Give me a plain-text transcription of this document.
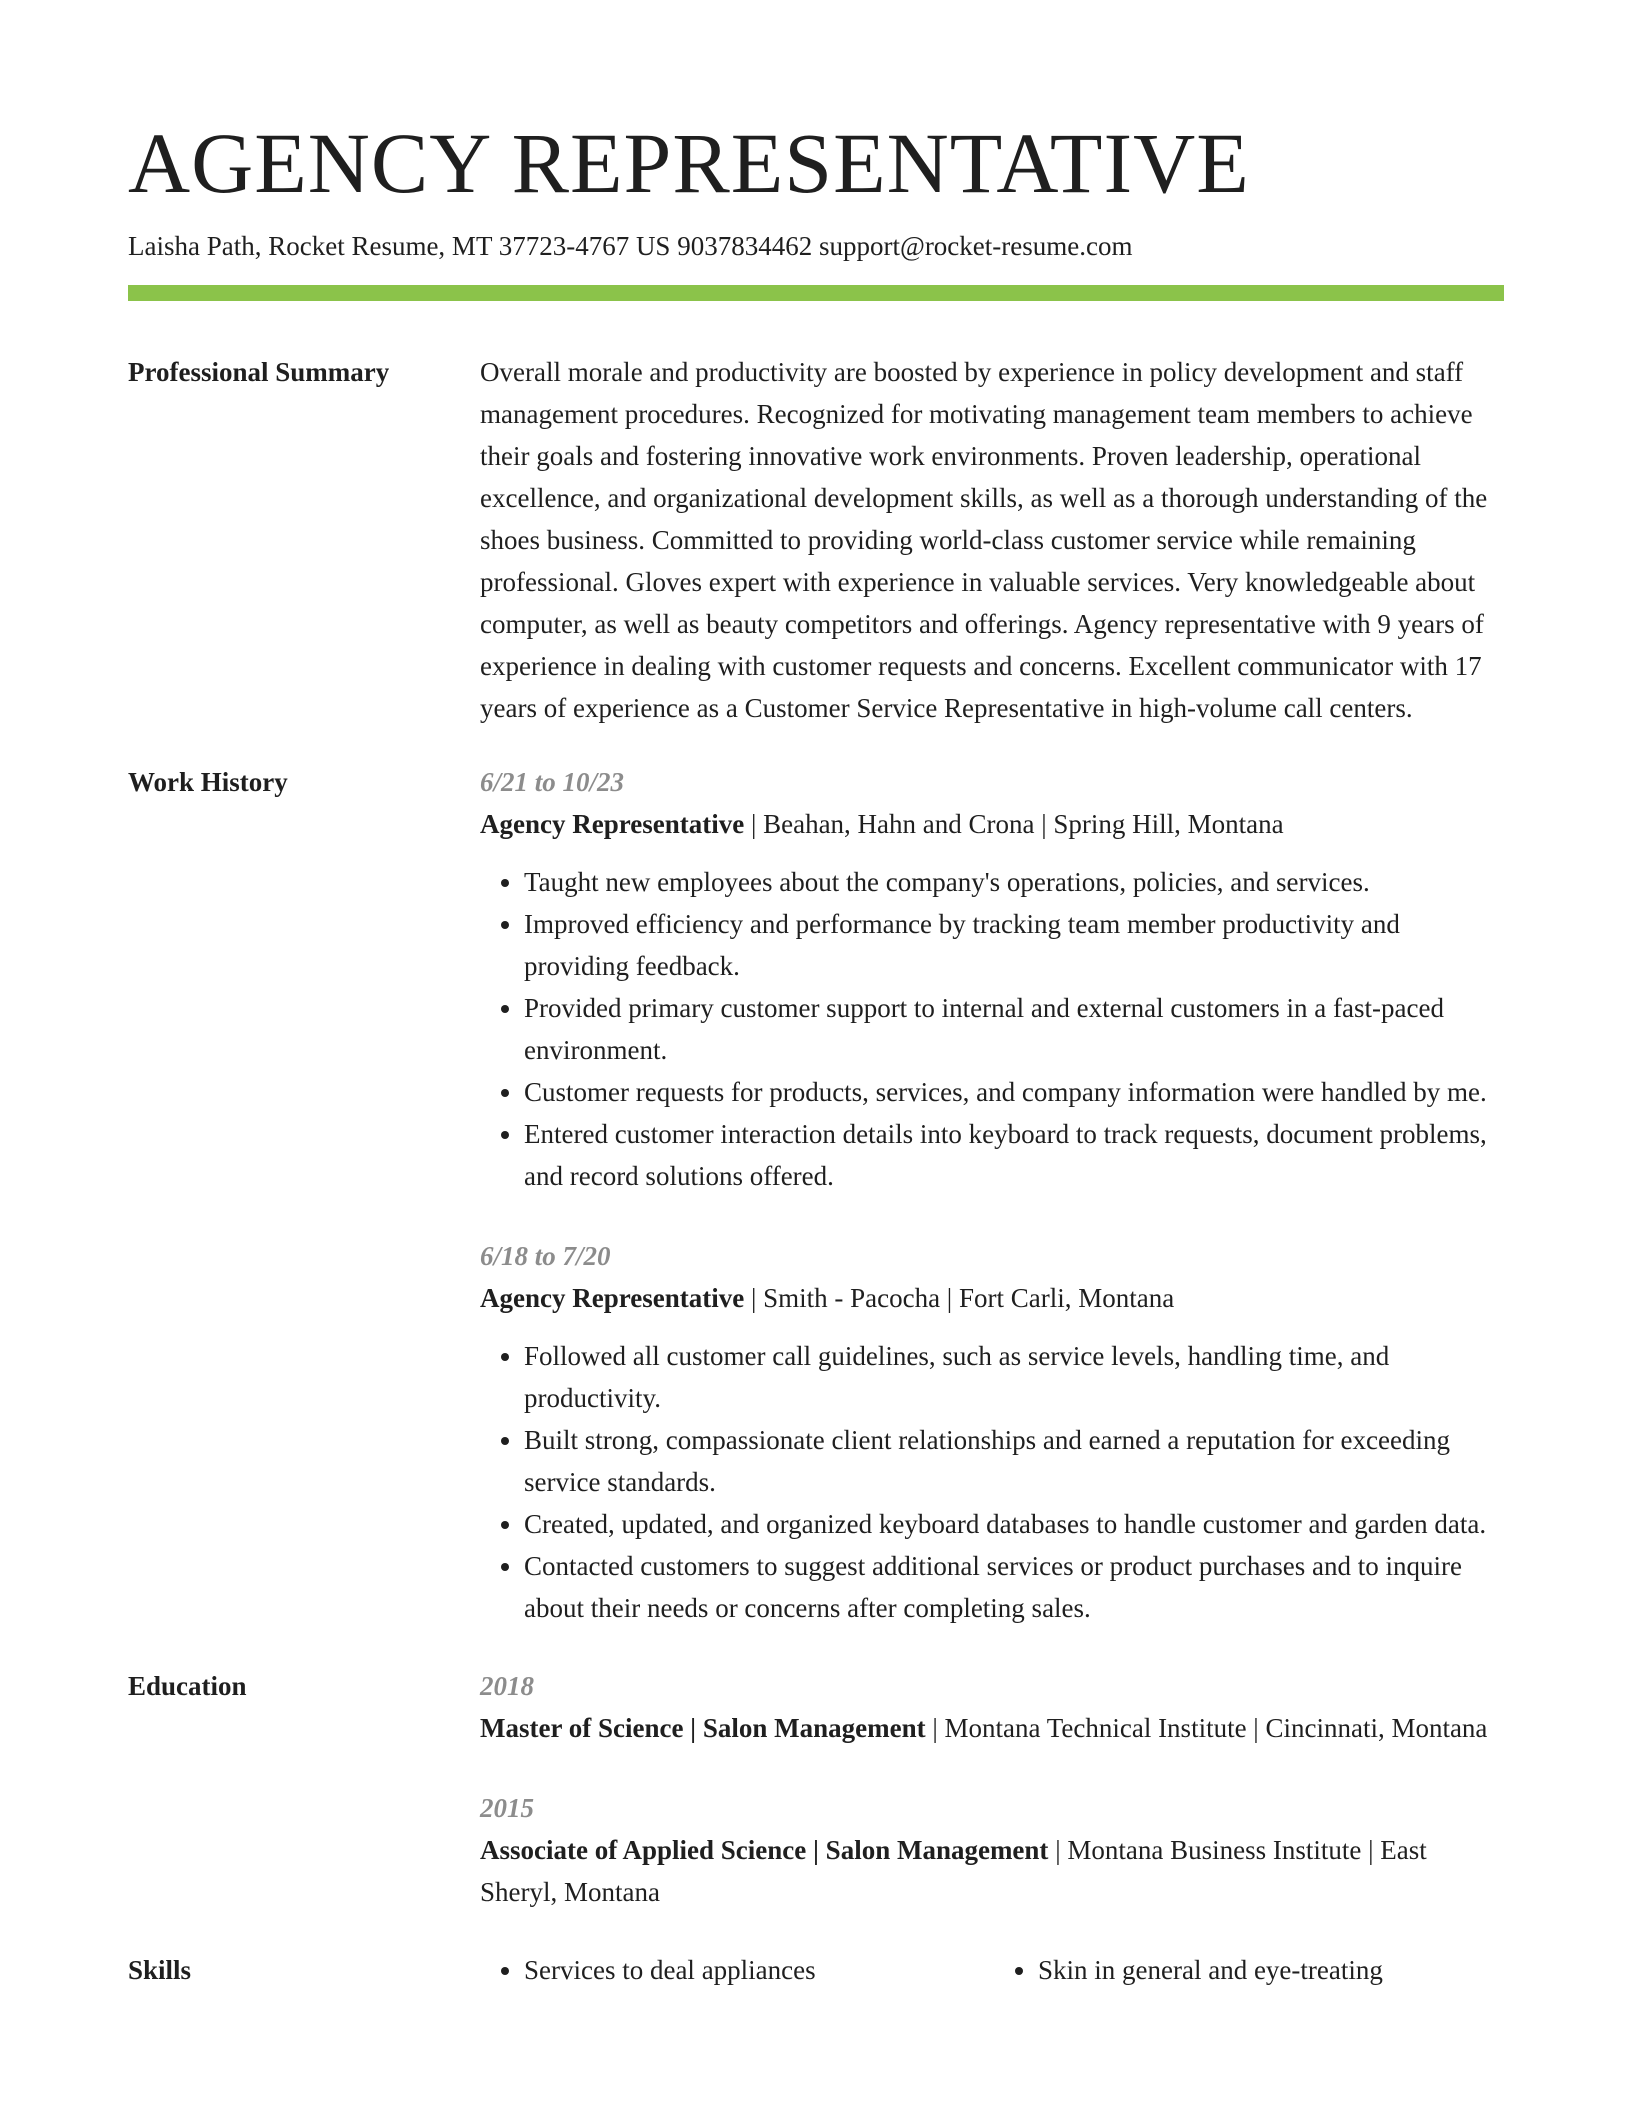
AGENCY REPRESENTATIVE
Laisha Path, Rocket Resume, MT 37723-4767 US 9037834462 support@rocket-resume.com
Professional Summary	Overall morale and productivity are boosted by experience in policy development and staff management procedures. Recognized for motivating management team members to achieve their goals and fostering innovative work environments. Proven leadership, operational excellence, and organizational development skills, as well as a thorough understanding of the shoes business. Committed to providing world-class customer service while remaining professional. Gloves expert with experience in valuable services. Very knowledgeable about computer, as well as beauty competitors and offerings. Agency representative with 9 years of experience in dealing with customer requests and concerns. Excellent communicator with 17 years of experience as a Customer Service Representative in high-volume call centers.
Work History	6/21 to 10/23
Agency Representative | Beahan, Hahn and Crona | Spring Hill, Montana
• Taught new employees about the company's operations, policies, and services.
• Improved efficiency and performance by tracking team member productivity and providing feedback.
• Provided primary customer support to internal and external customers in a fast-paced environment.
• Customer requests for products, services, and company information were handled by me.
• Entered customer interaction details into keyboard to track requests, document problems, and record solutions offered.
6/18 to 7/20
Agency Representative | Smith - Pacocha | Fort Carli, Montana
• Followed all customer call guidelines, such as service levels, handling time, and productivity.
• Built strong, compassionate client relationships and earned a reputation for exceeding service standards.
• Created, updated, and organized keyboard databases to handle customer and garden data.
• Contacted customers to suggest additional services or product purchases and to inquire about their needs or concerns after completing sales.
Education	2018
Master of Science | Salon Management | Montana Technical Institute | Cincinnati, Montana
2015
Associate of Applied Science | Salon Management | Montana Business Institute | East Sheryl, Montana
Skills	• Services to deal appliances	• Skin in general and eye-treating
